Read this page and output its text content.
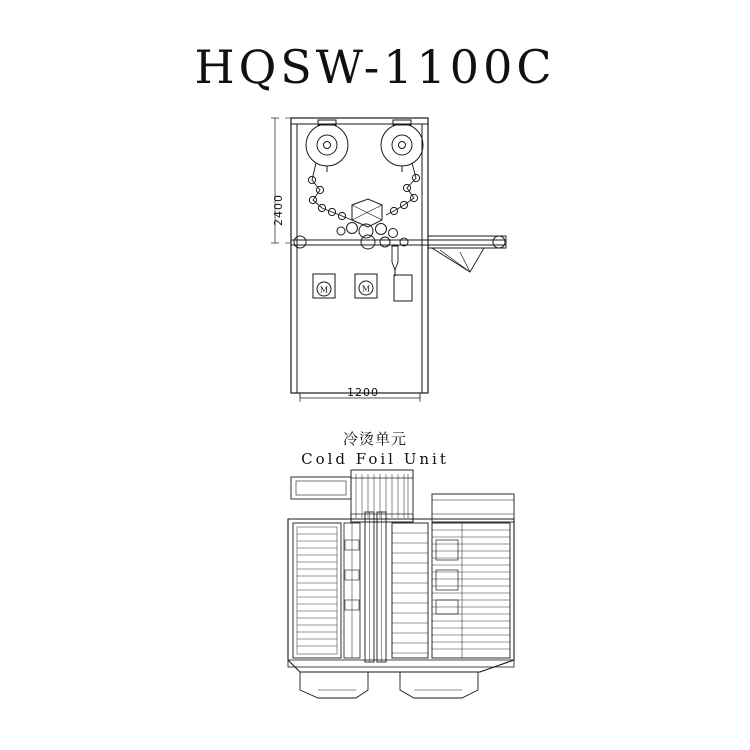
HQSW-1100C
M	M
2400
1200
冷烫单元
Cold Foil Unit
